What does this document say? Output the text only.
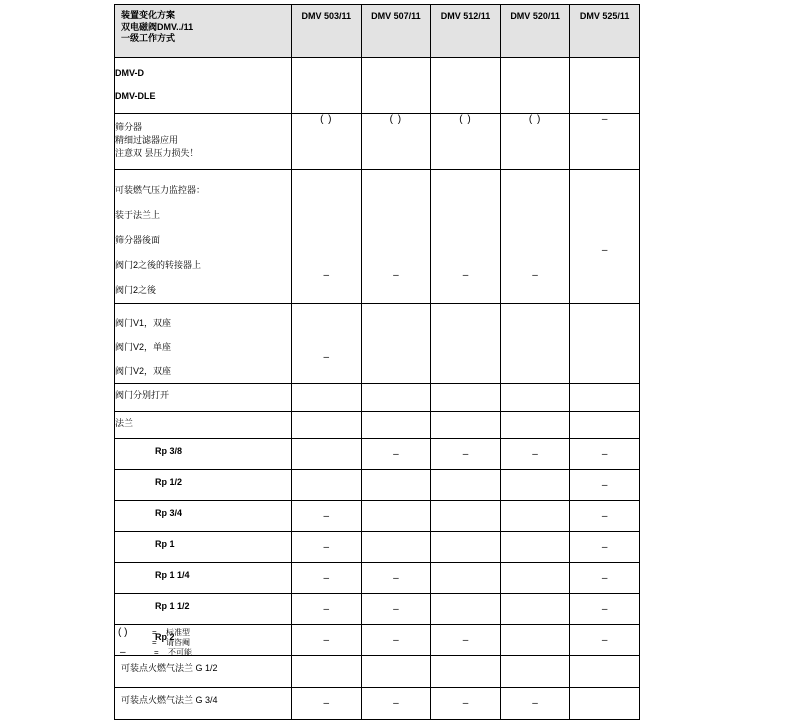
装置变化方案
双电磁阀DMV../11
一级工作方式	DMV 503/11	DMV 507/11	DMV 512/11	DMV 520/11	DMV 525/11

DMV-D
DMV-DLE					

筛分器
精细过滤器应用
注意双 昙压力损失！	( )	( )	( )	( )	–

可装燃气压力监控器：
装于法兰上
筛分器後面
阀门2之後的转接器上
阀门2之後	–	–	–	–	–

阀门V1，双座
阀门V2，单座
阀门V2，双座	–				

阀门分别打开					
法兰					
Rp 3/8		–	–	–	–
Rp 1/2					–
Rp 3/4	–				–
Rp 1	–				–
Rp 1 1/4	–	–			–
Rp 1 1/2	–	–			–
Rp 2	–	–	–		–
可装点火燃气法兰 G 1/2					
可装点火燃气法兰 G 3/4	–	–	–	–	
( )	=	标准型
=	请咨阉
–	=	不可能
